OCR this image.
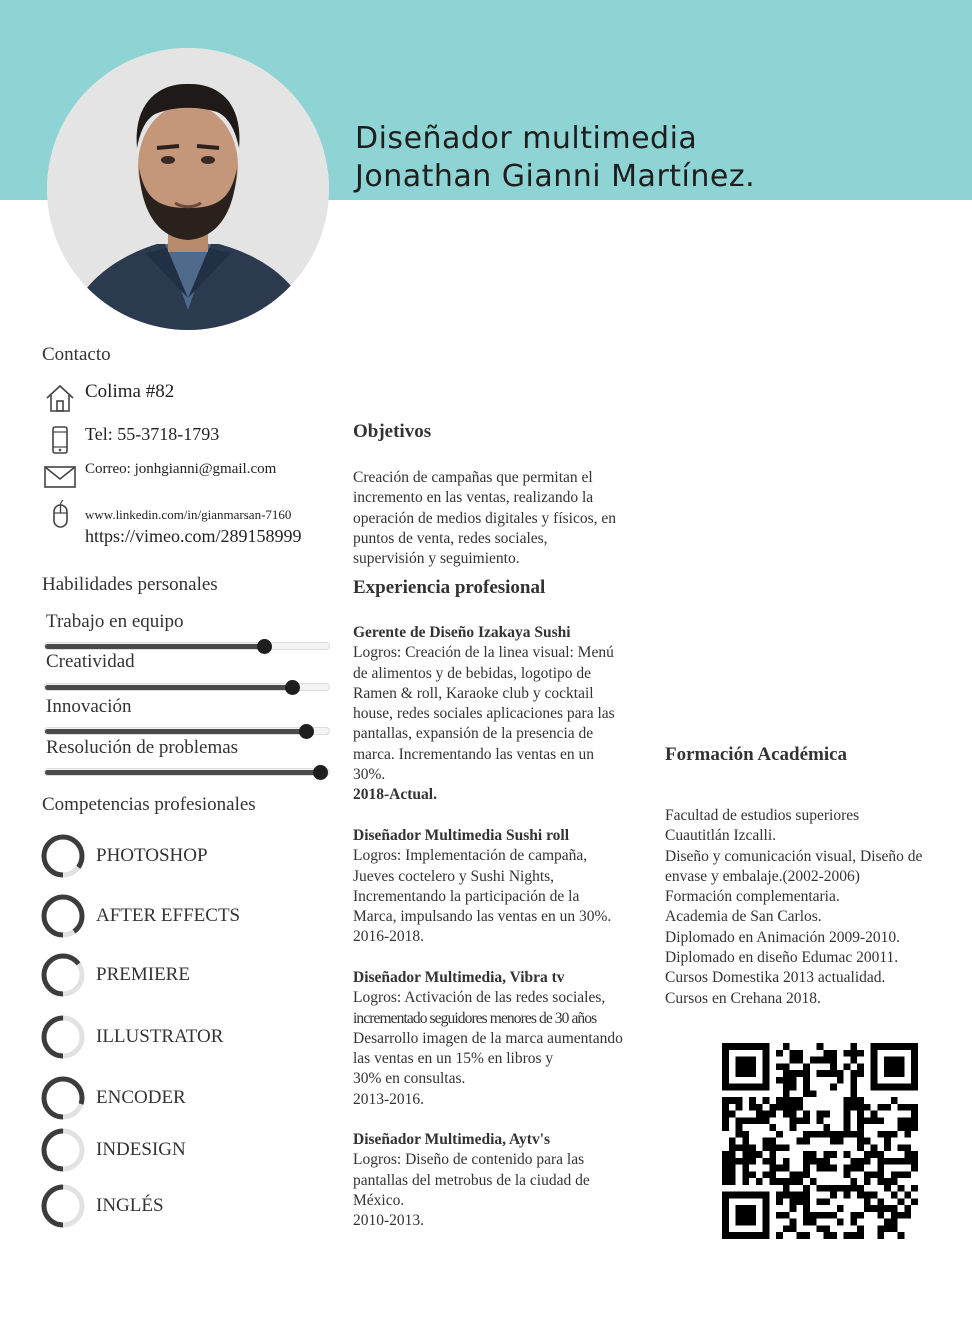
Diseñador multimedia
Jonathan Gianni Martínez.
Contacto
Colima #82
Tel: 55-3718-1793
Correo: jonhgianni@gmail.com
www.linkedin.com/in/gianmarsan-7160
https://vimeo.com/289158999
Habilidades personales
Trabajo en equipo
Creatividad
Innovación
Resolución de problemas
Competencias profesionales
PHOTOSHOP
AFTER EFFECTS
PREMIERE
ILLUSTRATOR
ENCODER
INDESIGN
INGLÉS
Objetivos
Creación de campañas que permitan el
incremento en las ventas, realizando la
operación de medios digitales y físicos, en
puntos de venta, redes sociales,
supervisión y seguimiento.
Experiencia profesional
Gerente de Diseño Izakaya Sushi
Logros: Creación de la linea visual: Menú
de alimentos y de bebidas, logotipo de
Ramen & roll, Karaoke club y cocktail
house, redes sociales aplicaciones para las
pantallas, expansión de la presencia de
marca. Incrementando las ventas en un
30%.
2018-Actual.
Diseñador Multimedia Sushi roll
Logros: Implementación de campaña,
Jueves coctelero y Sushi Nights,
Incrementando la participación de la
Marca, impulsando las ventas en un 30%.
2016-2018.
Diseñador Multimedia, Vibra tv
Logros: Activación de las redes sociales,
incrementado seguidores menores de 30 años
Desarrollo imagen de la marca aumentando
las ventas en un 15% en libros y
30% en consultas.
2013-2016.
Diseñador Multimedia, Aytv's
Logros: Diseño de contenido para las
pantallas del metrobus de la ciudad de
México.
2010-2013.
Formación Académica
Facultad de estudios superiores
Cuautitlán Izcalli.
Diseño y comunicación visual, Diseño de
envase y embalaje.(2002-2006)
Formación complementaria.
Academia de San Carlos.
Diplomado en Animación 2009-2010.
Diplomado en diseño Edumac 20011.
Cursos Domestika 2013 actualidad.
Cursos en Crehana 2018.
